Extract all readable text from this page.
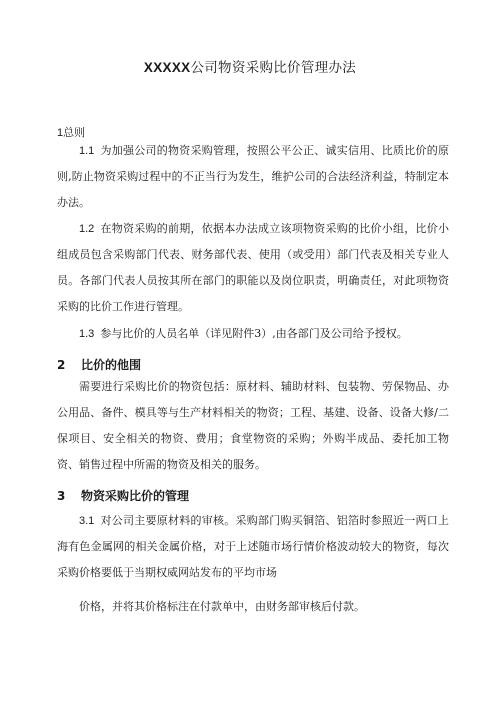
XXXXX公司物资采购比价管理办法
1总则
1.1 为加强公司的物资采购管理，按照公平公正、诚实信用、比质比价的原则,防止物资采购过程中的不正当行为发生，维护公司的合法经济利益，特制定本办法。
1.2 在物资采购的前期，依据本办法成立该项物资采购的比价小组，比价小组成员包含采购部门代表、财务部代表、使用（或受用）部门代表及相关专业人员。各部门代表人员按其所在部门的职能以及岗位职责，明确责任，对此项物资采购的比价工作进行管理。
1.3 参与比价的人员名单（详见附件3）,由各部门及公司给予授权。
2 比价的他围
需要进行采购比价的物资包括：原材料、辅助材料、包装物、劳保物品、办公用品、备件、模具等与生产材料相关的物资；工程、基建、设备、设备大修/二保项目、安全相关的物资、费用；食堂物资的采购；外购半成品、委托加工物资、销售过程中所需的物资及相关的服务。
3 物资采购比价的管理
3.1 对公司主要原材料的审核。采购部门购买铜箔、铝箔时参照近一两口上海有色金属网的相关金属价格，对于上述随市场行情价格波动较大的物资，每次采购价格要低于当期权威网站发布的平均市场
价格，并将其价格标注在付款单中，由财务部审核后付款。
